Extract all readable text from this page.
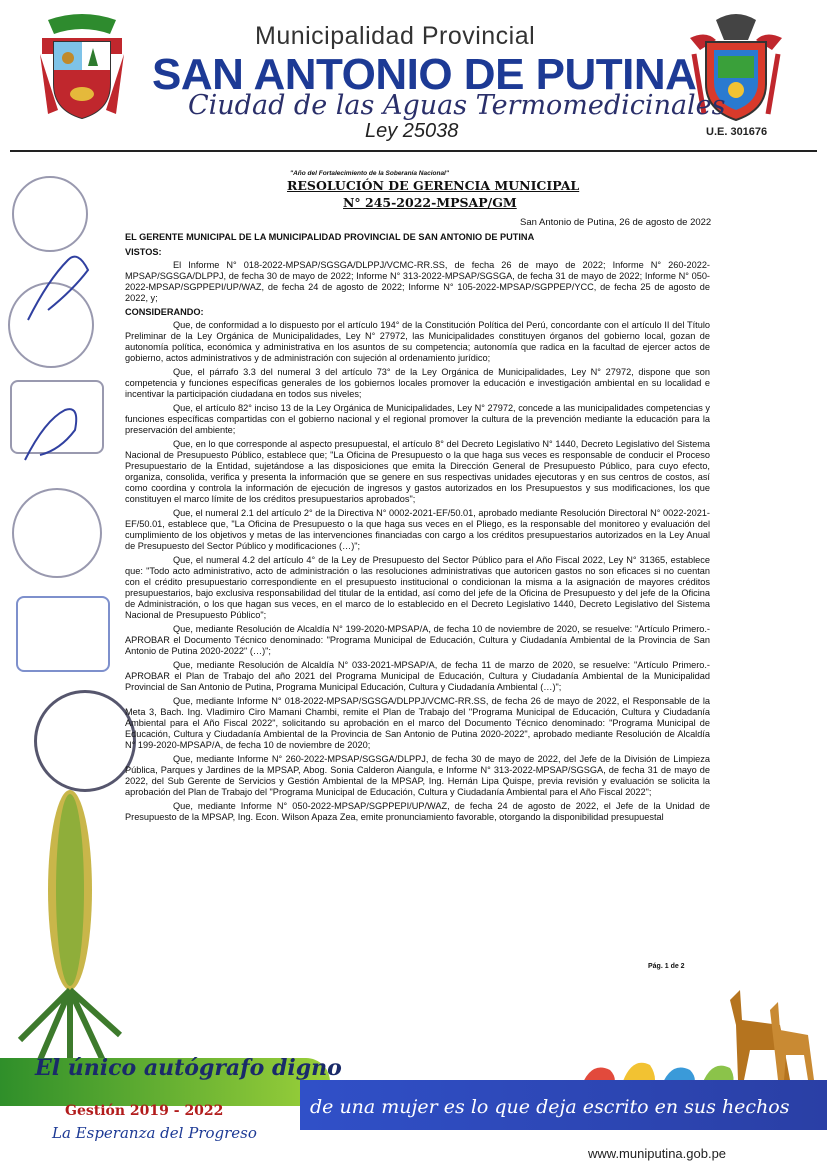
Municipalidad Provincial
SAN ANTONIO DE PUTINA
Ciudad de las Aguas Termomedicinales
Ley 25038	U.E. 301676
"Año del Fortalecimiento de la Soberanía Nacional"
RESOLUCIÓN DE GERENCIA MUNICIPAL
N° 245-2022-MPSAP/GM
San Antonio de Putina, 26 de agosto de 2022

EL GERENTE MUNICIPAL DE LA MUNICIPALIDAD PROVINCIAL DE SAN ANTONIO DE PUTINA

VISTOS:

El Informe N° 018-2022-MPSAP/SGSGA/DLPPJ/VCMC-RR.SS, de fecha 26 de mayo de 2022; Informe N° 260-2022-MPSAP/SGSGA/DLPPJ, de fecha 30 de mayo de 2022; Informe N° 313-2022-MPSAP/SGSGA, de fecha 31 de mayo de 2022; Informe N° 050-2022-MPSAP/SGPPEPI/UP/WAZ, de fecha 24 de agosto de 2022; Informe N° 105-2022-MPSAP/SGPPEP/YCC, de fecha 25 de agosto de 2022, y;

CONSIDERANDO:

Que, de conformidad a lo dispuesto por el artículo 194° de la Constitución Política del Perú, concordante con el artículo II del Título Preliminar de la Ley Orgánica de Municipalidades, Ley N° 27972, las Municipalidades constituyen órganos del gobierno local, gozan de autonomía política, económica y administrativa en los asuntos de su competencia; autonomía que radica en la facultad de ejercer actos de gobierno, actos administrativos y de administración con sujeción al ordenamiento jurídico;

Que, el párrafo 3.3 del numeral 3 del artículo 73° de la Ley Orgánica de Municipalidades, Ley N° 27972, dispone que son competencia y funciones específicas generales de los gobiernos locales promover la educación e investigación ambiental en su localidad e incentivar la participación ciudadana en todos sus niveles;

Que, el artículo 82° inciso 13 de la Ley Orgánica de Municipalidades, Ley N° 27972, concede a las municipalidades competencias y funciones específicas compartidas con el gobierno nacional y el regional promover la cultura de la prevención mediante la educación para la preservación del ambiente;

Que, en lo que corresponde al aspecto presupuestal, el artículo 8° del Decreto Legislativo N° 1440, Decreto Legislativo del Sistema Nacional de Presupuesto Público, establece que; "La Oficina de Presupuesto o la que haga sus veces es responsable de conducir el Proceso Presupuestario de la Entidad, sujetándose a las disposiciones que emita la Dirección General de Presupuesto Público, para cuyo efecto, organiza, consolida, verifica y presenta la información que se genere en sus respectivas unidades ejecutoras y en sus centros de costos, así como coordina y controla la información de ejecución de ingresos y gastos autorizados en los Presupuestos y sus modificaciones, los que constituyen el marco límite de los créditos presupuestarios aprobados";

Que, el numeral 2.1 del artículo 2° de la Directiva N° 0002-2021-EF/50.01, aprobado mediante Resolución Directoral N° 0022-2021-EF/50.01, establece que, "La Oficina de Presupuesto o la que haga sus veces en el Pliego, es la responsable del monitoreo y evaluación del cumplimiento de los objetivos y metas de las intervenciones financiadas con cargo a los créditos presupuestarios autorizados en la Ley Anual de Presupuesto del Sector Público y modificaciones (…)";

Que, el numeral 4.2 del artículo 4° de la Ley de Presupuesto del Sector Público para el Año Fiscal 2022, Ley N° 31365, establece que: "Todo acto administrativo, acto de administración o las resoluciones administrativas que autoricen gastos no son eficaces si no cuentan con el crédito presupuestario correspondiente en el presupuesto institucional o condicionan la misma a la asignación de mayores créditos presupuestarios, bajo exclusiva responsabilidad del titular de la entidad, así como del jefe de la Oficina de Presupuesto y del jefe de la Oficina de Administración, o los que hagan sus veces, en el marco de lo establecido en el Decreto Legislativo 1440, Decreto Legislativo del Sistema Nacional de Presupuesto Público";

Que, mediante Resolución de Alcaldía N° 199-2020-MPSAP/A, de fecha 10 de noviembre de 2020, se resuelve: "Artículo Primero.- APROBAR el Documento Técnico denominado: "Programa Municipal de Educación, Cultura y Ciudadanía Ambiental de la Provincia de San Antonio de Putina 2020-2022" (…)";

Que, mediante Resolución de Alcaldía N° 033-2021-MPSAP/A, de fecha 11 de marzo de 2020, se resuelve: "Artículo Primero.- APROBAR el Plan de Trabajo del año 2021 del Programa Municipal de Educación, Cultura y Ciudadanía Ambiental de la Municipalidad Provincial de San Antonio de Putina, Programa Municipal Educación, Cultura y Ciudadanía Ambiental (…)";

Que, mediante Informe N° 018-2022-MPSAP/SGSGA/DLPPJ/VCMC-RR.SS, de fecha 26 de mayo de 2022, el Responsable de la Meta 3, Bach. Ing. Vladimiro Ciro Mamani Chambi, remite el Plan de Trabajo del "Programa Municipal de Educación, Cultura y Ciudadanía Ambiental para el Año Fiscal 2022", solicitando su aprobación en el marco del Documento Técnico denominado: "Programa Municipal de Educación, Cultura y Ciudadanía Ambiental de la Provincia de San Antonio de Putina 2020-2022", aprobado mediante Resolución de Alcaldía N° 199-2020-MPSAP/A, de fecha 10 de noviembre de 2020;

Que, mediante Informe N° 260-2022-MPSAP/SGSGA/DLPPJ, de fecha 30 de mayo de 2022, del Jefe de la División de Limpieza Pública, Parques y Jardines de la MPSAP, Abog. Sonia Calderon Aiangula, e Informe N° 313-2022-MPSAP/SGSGA, de fecha 31 de mayo de 2022, del Sub Gerente de Servicios y Gestión Ambiental de la MPSAP, Ing. Hernán Lipa Quispe, previa revisión y evaluación se solicita la aprobación del Plan de Trabajo del "Programa Municipal de Educación, Cultura y Ciudadanía Ambiental para el Año Fiscal 2022";

Que, mediante Informe N° 050-2022-MPSAP/SGPPEPI/UP/WAZ, de fecha 24 de agosto de 2022, el Jefe de la Unidad de Presupuesto de la MPSAP, Ing. Econ. Wilson Apaza Zea, emite pronunciamiento favorable, otorgando la disponibilidad presupuestal

Pág. 1 de 2
El único autógrafo digno
de una mujer es lo que deja escrito en sus hechos
Gestión 2019 - 2022
La Esperanza del Progreso
www.muniputina.gob.pe
